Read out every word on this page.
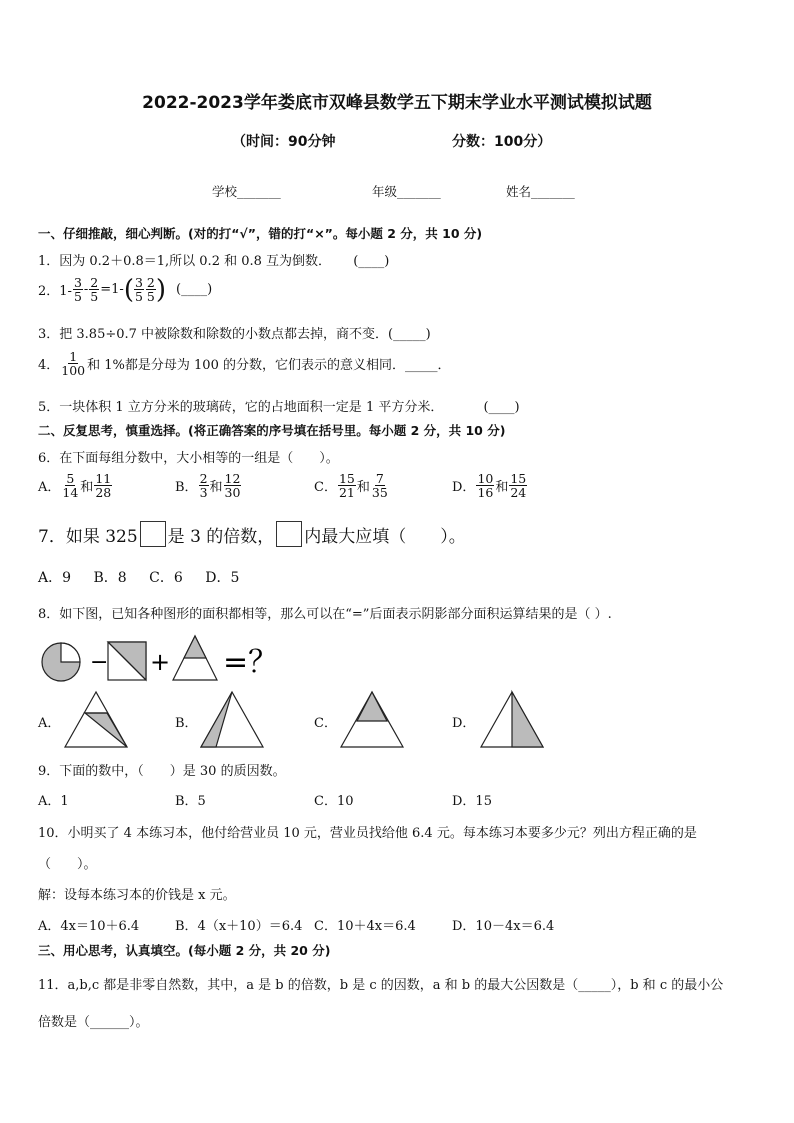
2022-2023学年娄底市双峰县数学五下期末学业水平测试模拟试题
（时间：90分钟	分数：100分）
学校_______	年级_______	姓名_______
一、仔细推敲，细心判断。(对的打“√”，错的打“×”。每小题 2 分，共 10 分)
1．因为 0.2＋0.8＝1,所以 0.2 和 0.8 互为倒数． (____)
2．$1- \frac{3}{5} - \frac{2}{5} =1-$ ( $\frac{3}{5} \frac{2}{5}$ ) (____)
3．把 3.85÷0.7 中被除数和除数的小数点都去掉，商不变．(_____)
4． $\frac{1}{100}$ 和 1%都是分母为 100 的分数，它们表示的意义相同．_____．
5．一块体积 1 立方分米的玻璃砖，它的占地面积一定是 1 平方分米．	(____)
二、反复思考，慎重选择。(将正确答案的序号填在括号里。每小题 2 分，共 10 分)
6．在下面每组分数中，大小相等的一组是（　　）。
A． $\frac{5}{14}$ 和 $\frac{11}{28}$	B． $\frac{2}{3}$ 和 $\frac{12}{30}$	C． $\frac{15}{21}$ 和 $\frac{7}{35}$	D． $\frac{10}{16}$ 和 $\frac{15}{24}$
7．如果 325 是 3 的倍数， 内最大应填（　　）。
A．9 B．8 C．6 D．5
8．如下图，已知各种图形的面积都相等，那么可以在“=”后面表示阴影部分面积运算结果的是（ ）.
− + =？
A．	B．	C．	D．
9．下面的数中，（　　）是 30 的质因数。
A．1	B．5	C．10	D．15
10．小明买了 4 本练习本，他付给营业员 10 元，营业员找给他 6.4 元。每本练习本要多少元？列出方程正确的是
（　　）。
解：设每本练习本的价钱是 x 元。
A．4x＝10＋6.4	B．4（x＋10）＝6.4 C．10＋4x＝6.4	D．10－4x＝6.4
三、用心思考，认真填空。(每小题 2 分，共 20 分)
11．a,b,c 都是非零自然数，其中，a 是 b 的倍数，b 是 c 的因数，a 和 b 的最大公因数是（_____），b 和 c 的最小公
倍数是（______）。
